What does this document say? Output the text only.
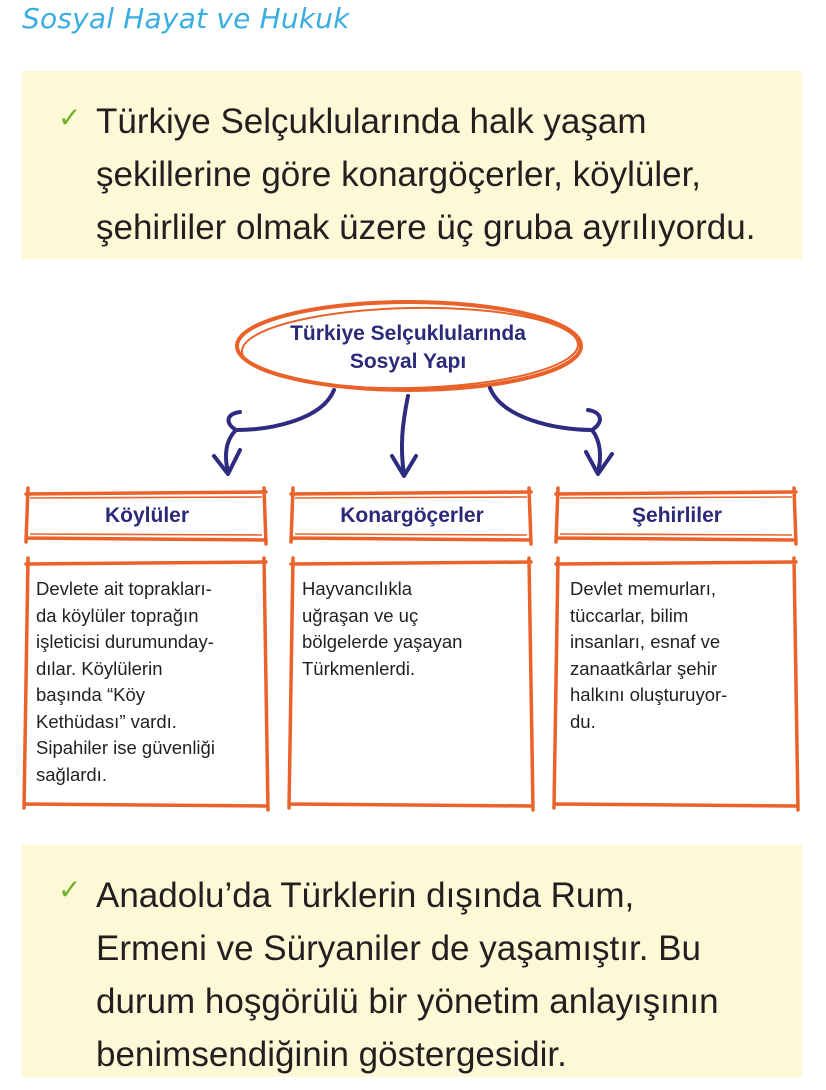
Sosyal Hayat ve Hukuk
✓ Türkiye Selçuklularında halk yaşam
şekillerine göre konargöçerler, köylüler,
şehirliler olmak üzere üç gruba ayrılıyordu.
Türkiye Selçuklularında
Sosyal Yapı
Köylüler	Konargöçerler	Şehirliler
Devlete ait toprakları-
da köylüler toprağın
işleticisi durumunday-
dılar. Köylülerin
başında “Köy
Kethüdası” vardı.
Sipahiler ise güvenliği
sağlardı.
Hayvancılıkla
uğraşan ve uç
bölgelerde yaşayan
Türkmenlerdi.
Devlet memurları,
tüccarlar, bilim
insanları, esnaf ve
zanaatkârlar şehir
halkını oluşturuyor-
du.
✓ Anadolu’da Türklerin dışında Rum,
Ermeni ve Süryaniler de yaşamıştır. Bu
durum hoşgörülü bir yönetim anlayışının
benimsendiğinin göstergesidir.
